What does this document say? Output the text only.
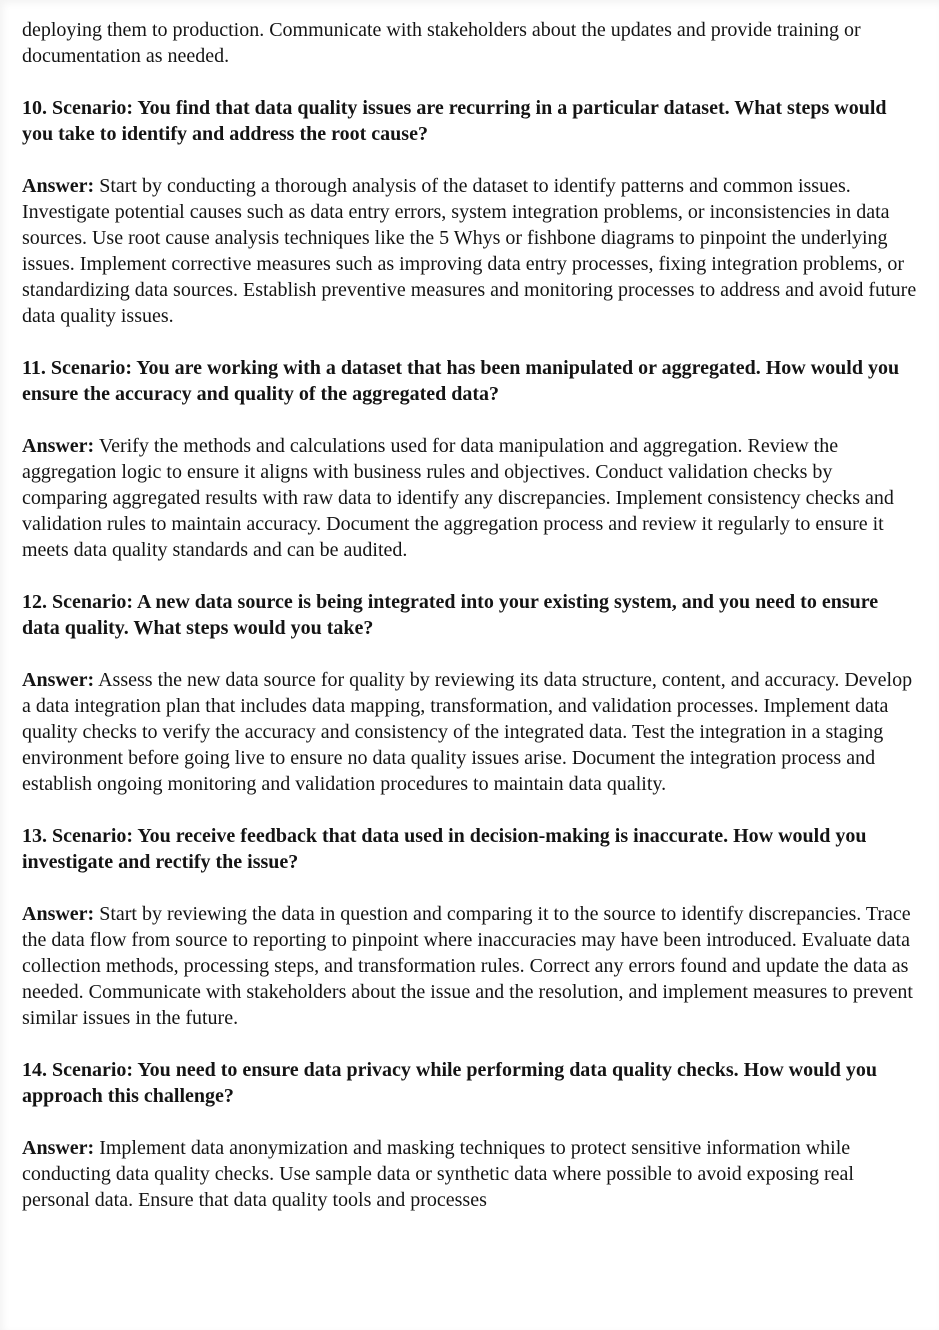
deploying them to production. Communicate with stakeholders about the updates and provide training or documentation as needed.

10. Scenario: You find that data quality issues are recurring in a particular dataset. What steps would you take to identify and address the root cause?

Answer: Start by conducting a thorough analysis of the dataset to identify patterns and common issues. Investigate potential causes such as data entry errors, system integration problems, or inconsistencies in data sources. Use root cause analysis techniques like the 5 Whys or fishbone diagrams to pinpoint the underlying issues. Implement corrective measures such as improving data entry processes, fixing integration problems, or standardizing data sources. Establish preventive measures and monitoring processes to address and avoid future data quality issues.

11. Scenario: You are working with a dataset that has been manipulated or aggregated. How would you ensure the accuracy and quality of the aggregated data?

Answer: Verify the methods and calculations used for data manipulation and aggregation. Review the aggregation logic to ensure it aligns with business rules and objectives. Conduct validation checks by comparing aggregated results with raw data to identify any discrepancies. Implement consistency checks and validation rules to maintain accuracy. Document the aggregation process and review it regularly to ensure it meets data quality standards and can be audited.

12. Scenario: A new data source is being integrated into your existing system, and you need to ensure data quality. What steps would you take?

Answer: Assess the new data source for quality by reviewing its data structure, content, and accuracy. Develop a data integration plan that includes data mapping, transformation, and validation processes. Implement data quality checks to verify the accuracy and consistency of the integrated data. Test the integration in a staging environment before going live to ensure no data quality issues arise. Document the integration process and establish ongoing monitoring and validation procedures to maintain data quality.

13. Scenario: You receive feedback that data used in decision-making is inaccurate. How would you investigate and rectify the issue?

Answer: Start by reviewing the data in question and comparing it to the source to identify discrepancies. Trace the data flow from source to reporting to pinpoint where inaccuracies may have been introduced. Evaluate data collection methods, processing steps, and transformation rules. Correct any errors found and update the data as needed. Communicate with stakeholders about the issue and the resolution, and implement measures to prevent similar issues in the future.

14. Scenario: You need to ensure data privacy while performing data quality checks. How would you approach this challenge?

Answer: Implement data anonymization and masking techniques to protect sensitive information while conducting data quality checks. Use sample data or synthetic data where possible to avoid exposing real personal data. Ensure that data quality tools and processes
